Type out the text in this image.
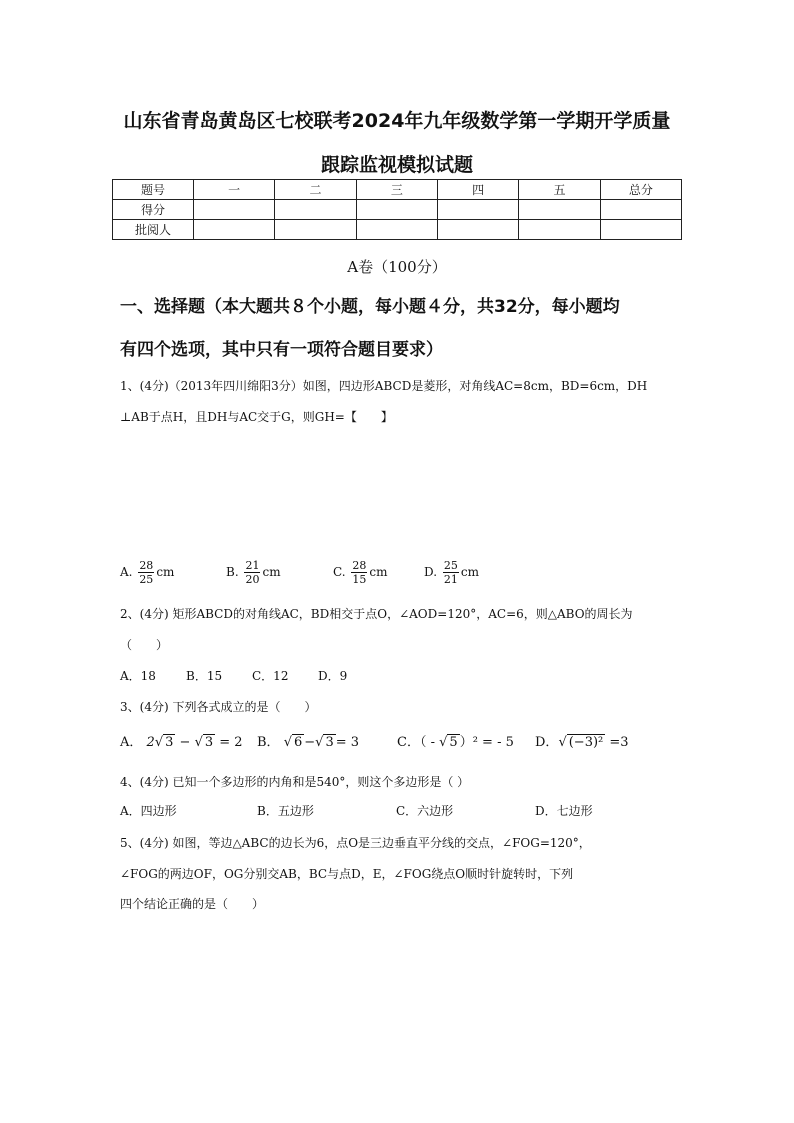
山东省青岛黄岛区七校联考2024年九年级数学第一学期开学质量
跟踪监视模拟试题
题号	一	二	三	四	五	总分
得分						
批阅人						
A卷（100分）
一、选择题（本大题共８个小题，每小题４分，共32分，每小题均
有四个选项，其中只有一项符合题目要求）
1、(4分)（2013年四川绵阳3分）如图，四边形ABCD是菱形，对角线AC=8cm，BD=6cm，DH
⊥AB于点H，且DH与AC交于G，则GH=【　　】
A. $\frac{28}{25}$ cm	B. $\frac{21}{20}$ cm	C. $\frac{28}{15}$ cm	D. $\frac{25}{21}$ cm
2、(4分) 矩形ABCD的对角线AC，BD相交于点O，∠AOD=120°，AC=6，则△ABO的周长为
（　　）
A．18	B．15 C．12 D．9
3、(4分) 下列各式成立的是（　　）
A． 2√ 3 − √ 3 = 2 B． √ 6 −√ 3 = 3	C．（ - √ 5 ）² = - 5 D．√ (−3)² =3
4、(4分) 已知一个多边形的内角和是540°，则这个多边形是（ ）
A．四边形	B．五边形	C．六边形	D．七边形
5、(4分) 如图，等边△ABC的边长为6，点O是三边垂直平分线的交点，∠FOG=120°，
∠FOG的两边OF，OG分别交AB，BC与点D，E，∠FOG绕点O顺时针旋转时，下列
四个结论正确的是（　　）
